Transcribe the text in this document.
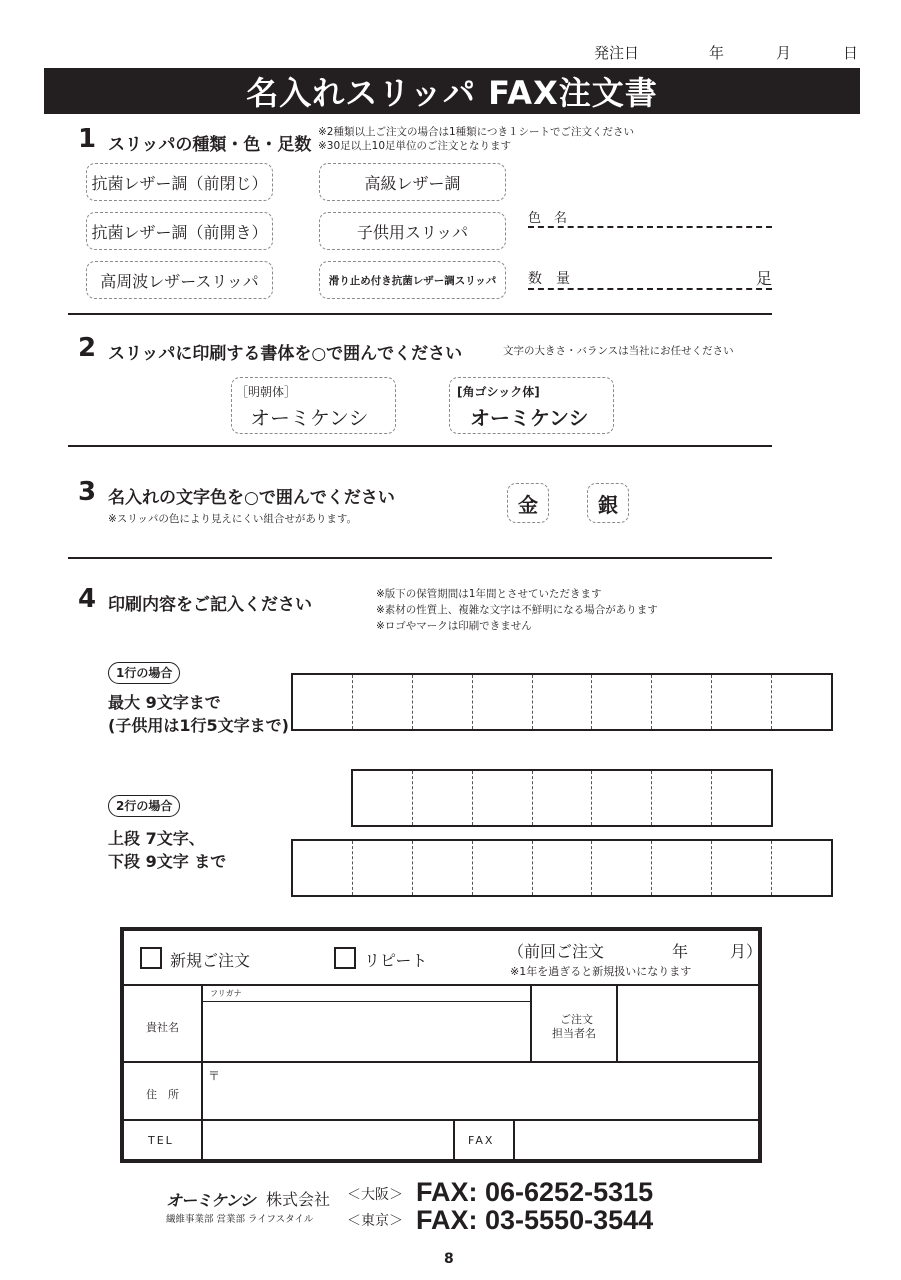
発注日	年	月	日
名入れスリッパ FAX注文書
1 スリッパの種類・色・足数
※2種類以上ご注文の場合は1種類につき１シートでご注文ください
※30足以上10足単位のご注文となります
抗菌レザー調（前閉じ）	高級レザー調
抗菌レザー調（前開き）	子供用スリッパ
高周波レザースリッパ	滑り止め付き抗菌レザー調スリッパ
色　名
数　量	足
2 スリッパに印刷する書体を○で囲んでください	文字の大きさ・バランスは当社にお任せください
［明朝体］
オーミケンシ
[角ゴシック体]
オーミケンシ
3 名入れの文字色を○で囲んでください
※スリッパの色により見えにくい組合せがあります。
金	銀
4 印刷内容をご記入ください
※版下の保管期間は1年間とさせていただきます
※素材の性質上、複雑な文字は不鮮明になる場合があります
※ロゴやマークは印刷できません
1行の場合
最大 9文字まで
(子供用は1行5文字まで)
2行の場合
上段 7文字、
下段 9文字 まで
新規ご注文	リピート	（前回ご注文	年	月）
※1年を過ぎると新規扱いになります
フリガナ
貴社名
ご注文
担当者名
〒
住　所
TEL	FAX
オーミケンシ 株式会社
繊維事業部 営業部 ライフスタイル
＜大阪＞
＜東京＞
FAX: 06-6252-5315
FAX: 03-5550-3544
8
